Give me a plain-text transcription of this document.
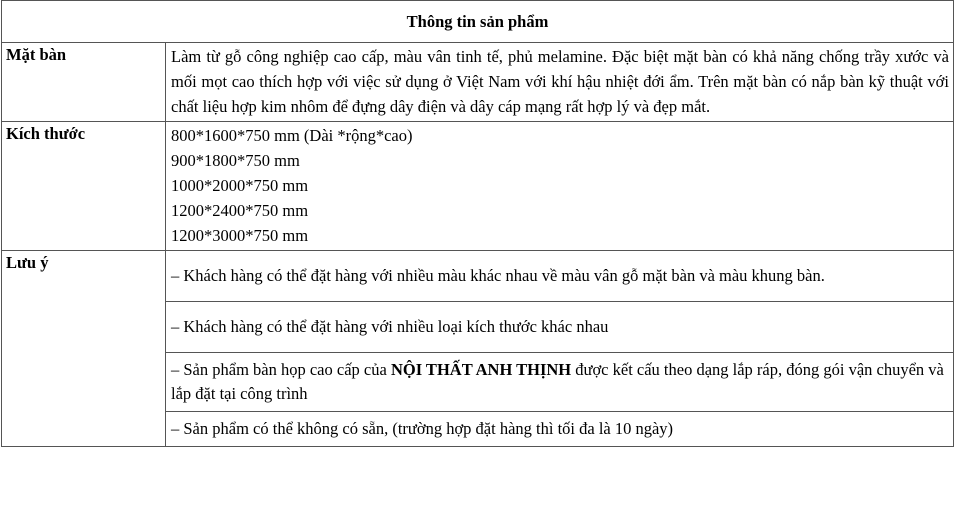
Thông tin sản phẩm	
Mặt bàn	Làm từ gỗ công nghiệp cao cấp, màu vân tinh tế, phủ melamine. Đặc biệt mặt bàn có khả năng chống trầy xước và mối mọt cao thích hợp với việc sử dụng ở Việt Nam với khí hậu nhiệt đới ẩm. Trên mặt bàn có nắp bàn kỹ thuật với chất liệu hợp kim nhôm để đựng dây điện và dây cáp mạng rất hợp lý và đẹp mắt.

Kích thước	800*1600*750 mm (Dài *rộng*cao)
900*1800*750 mm
1000*2000*750 mm
1200*2400*750 mm
1200*3000*750 mm

Lưu ý	– Khách hàng có thể đặt hàng với nhiều màu khác nhau về màu vân gỗ mặt bàn và màu khung bàn.
	– Khách hàng có thể đặt hàng với nhiều loại kích thước khác nhau
	– Sản phẩm bàn họp cao cấp của NỘI THẤT ANH THỊNH được kết cấu theo dạng lắp ráp, đóng gói vận chuyển và lắp đặt tại công trình
	– Sản phẩm có thể không có sẵn, (trường hợp đặt hàng thì tối đa là 10 ngày)
